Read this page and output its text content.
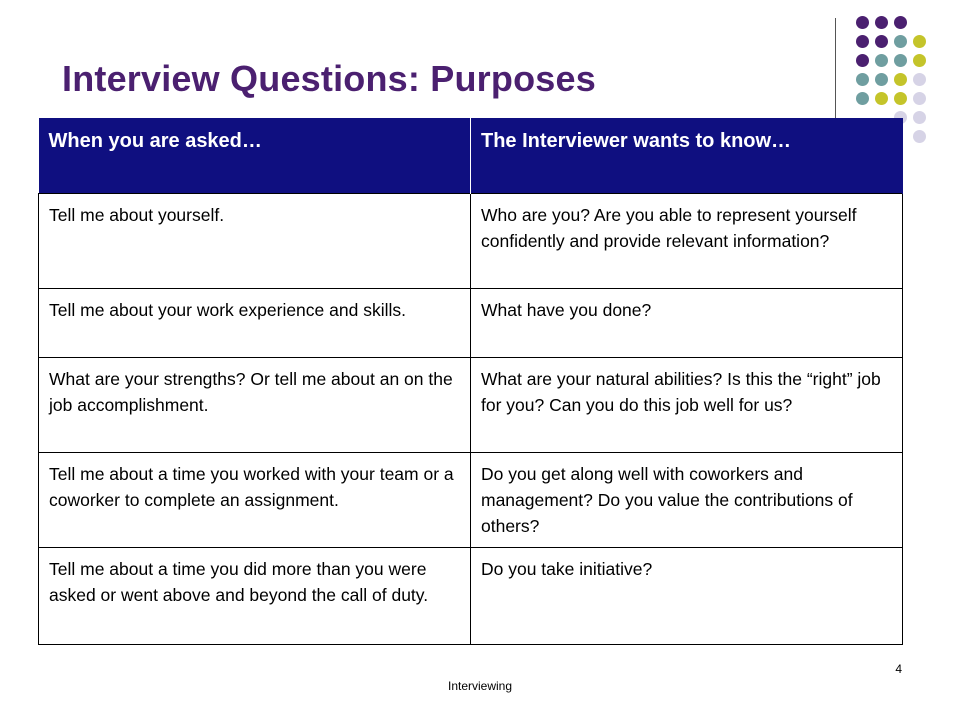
Interview Questions: Purposes
When you are asked…	The Interviewer wants to know…

Tell me about yourself.	Who are you? Are you able to represent yourself confidently and provide relevant information?

Tell me about your work experience and skills.	What have you done?
What are your strengths? Or tell me about an on the job accomplishment.	What are your natural abilities? Is this the “right” job for you? Can you do this job well for us?
Tell me about a time you worked with your team or a coworker to complete an assignment.	Do you get along well with coworkers and management? Do you value the contributions of others?
Tell me about a time you did more than you were asked or went above and beyond the call of duty.	Do you take initiative?
Interviewing
4
